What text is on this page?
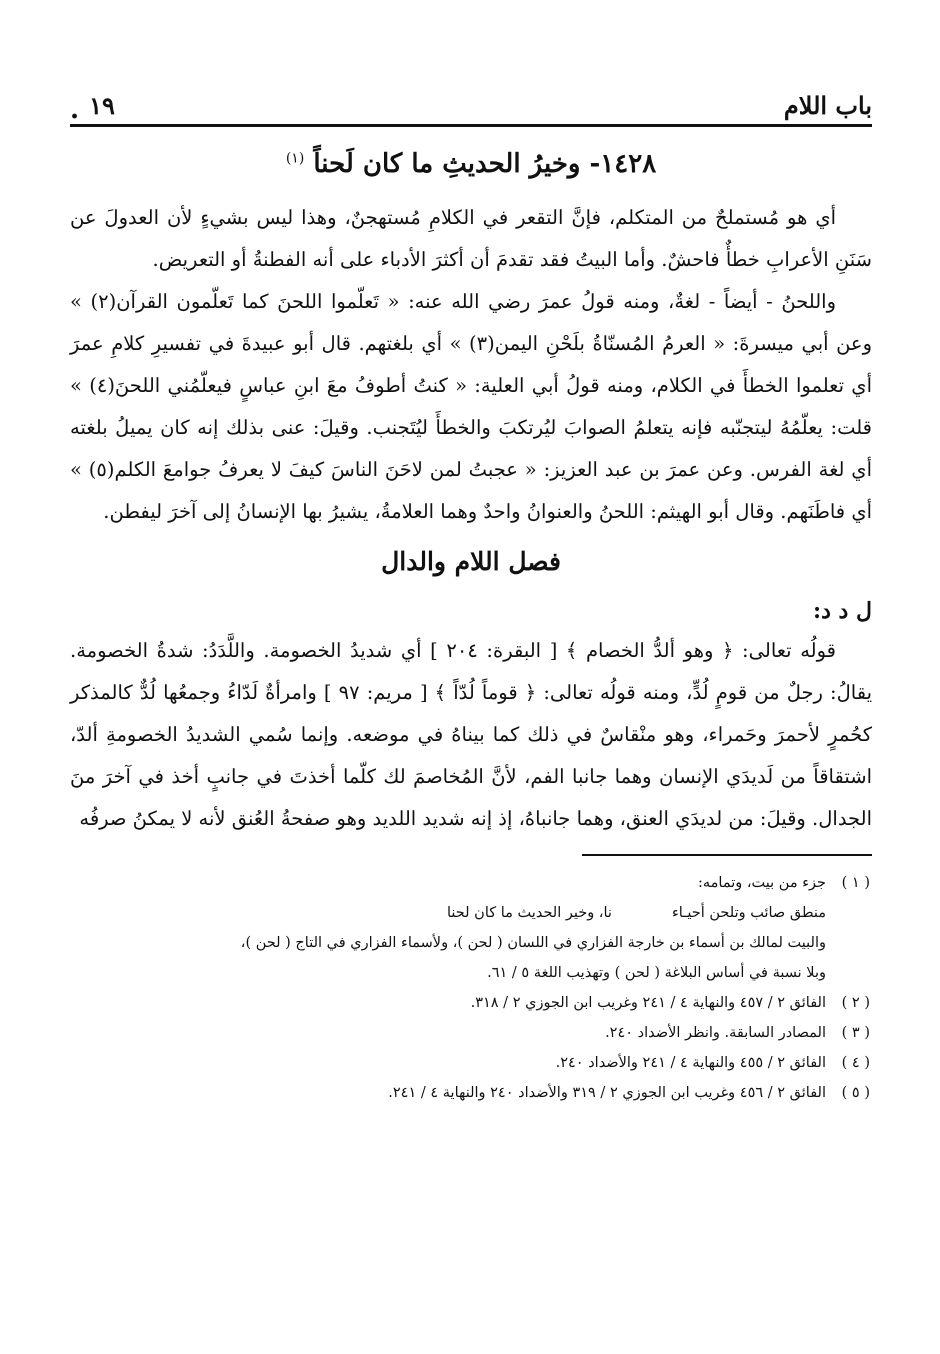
باب اللام
. ١٩
١٤٢٨- وخيرُ الحديثِ ما كان لَحناً $^{(١)}$

أي هو مُستملحٌ من المتكلم، فإنَّ التقعر في الكلامِ مُستهجنٌ، وهذا ليس بشيءٍ لأن العدولَ عن سَنَنِ الأعرابِ خطأٌ فاحشٌ. وأما البيتُ فقد تقدمَ أن أكثرَ الأدباء على أنه الفطنةُ أو التعريض.

واللحنُ - أيضاً - لغةٌ، ومنه قولُ عمرَ رضي الله عنه: « تَعلّموا اللحنَ كما تَعلّمون القرآن(٢) » وعن أبي ميسرةَ: « العرمُ المُسنّاةُ بلَحْنِ اليمن(٣) » أي بلغتهم. قال أبو عبيدةَ في تفسيرِ كلامِ عمرَ أي تعلموا الخطأَ في الكلام، ومنه قولُ أبي العلية: « كنتُ أطوفُ معَ ابنِ عباسٍ فيعلّمُني اللحنَ(٤) » قلت: يعلّمُهُ ليتجنّبه فإنه يتعلمُ الصوابَ ليُرتكبَ والخطأَ ليُتَجنب. وقيلَ: عنى بذلك إنه كان يميلُ بلغته أي لغة الفرس. وعن عمرَ بن عبد العزيز: « عجبتُ لمن لاحَنَ الناسَ كيفَ لا يعرفُ جوامعَ الكلم(٥) » أي فاطَنَهم. وقال أبو الهيثم: اللحنُ والعنوانُ واحدٌ وهما العلامةُ، يشيرُ بها الإنسانُ إلى آخرَ ليفطن.

فصل اللام والدال
ل د د:

قولُه تعالى: ﴿ وهو ألدُّ الخصام ﴾ [ البقرة: ٢٠٤ ] أي شديدُ الخصومة. واللَّدَدُ: شدةُ الخصومة. يقالُ: رجلٌ من قومٍ لُدٍّ، ومنه قولُه تعالى: ﴿ قوماً لُدّاً ﴾ [ مريم: ٩٧ ] وامرأةٌ لَدّاءُ وجمعُها لُدٌّ كالمذكر كحُمرٍ لأحمرَ وحَمراء، وهو منْقاسٌ في ذلك كما بيناهُ في موضعه. وإنما سُمي الشديدُ الخصومةِ ألدّ، اشتقاقاً من لَديدَي الإنسان وهما جانبا الفم، لأنَّ المُخاصمَ لك كلّما أخذتَ في جانبٍ أخذ في آخرَ منَ الجدال. وقيلَ: من لديدَي العنق، وهما جانباهُ، إذ إنه شديد اللديد وهو صفحةُ العُنق لأنه لا يمكنُ صرفُه

( ١ )
جزء من بيت، وتمامه:
منطق صائب وتلحن أحيـاء
نا، وخير الحديث ما كان لحنا
والبيت لمالك بن أسماء بن خارجة الفزاري في اللسان ( لحن )، ولأسماء الفزاري في التاج ( لحن )،
وبلا نسبة في أساس البلاغة ( لحن ) وتهذيب اللغة ٥ / ٦١.
( ٢ )
الفائق ٢ / ٤٥٧ والنهاية ٤ / ٢٤١ وغريب ابن الجوزي ٢ / ٣١٨.
( ٣ )
المصادر السابقة. وانظر الأضداد ٢٤٠.
( ٤ )
الفائق ٢ / ٤٥٥ والنهاية ٤ / ٢٤١ والأضداد ٢٤٠.
( ٥ )
الفائق ٢ / ٤٥٦ وغريب ابن الجوزي ٢ / ٣١٩ والأضداد ٢٤٠ والنهاية ٤ / ٢٤١.
